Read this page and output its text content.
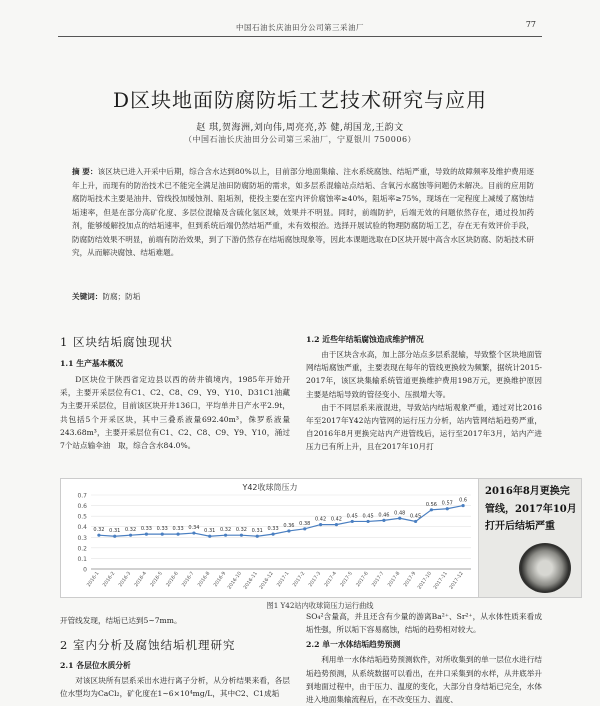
中国石油长庆油田分公司第三采油厂	77
D区块地面防腐防垢工艺技术研究与应用
赵 琪,贺海洲,刘向伟,周亮亮,苏 健,胡国龙,王韵文
（中国石油长庆油田分公司第三采油厂，宁夏银川 750006）
摘 要：该区块已进入开采中后期，综合含水达到80%以上，目前部分地面集输、注水系统腐蚀、结垢严重，导致的故障频率及维护费用逐年上升，而现有的防治技术已不能完全满足油田防腐防垢的需求，如多层系混输站点结垢、含氧污水腐蚀等问题仍未解决。目前的应用防腐防垢技术主要是油井、管线投加缓蚀剂、阻垢剂，使投主要在室内评价腐蚀率≥40%，阻垢率≥75%，现场在一定程度上减缓了腐蚀结垢速率，但是在部分高矿化度、多层位混输及含硫化氢区域，效果并不明显。同时，前端防护，后端无效的问题依然存在，通过投加药剂，能够缓解投加点的结垢速率，但到系统后端仍然结垢严重，未有效根治。选择开展试验的物理防腐防垢工艺，存在无有效评价手段，防腐防结效果不明显，前端有防治效果，到了下游仍然存在结垢腐蚀现象等，因此本课题选取在D区块开展中高含水区块防腐、防垢技术研究，从而解决腐蚀、结垢难题。
关键词：防腐；防垢
1 区块结垢腐蚀现状
1.1 生产基本概况
D区块位于陕西省定边县以西的砖井镇境内，1985年开始开采，主要开采层位有C1、C2、C8、C9、Y9、Y10、D31C1油藏为主要开采层位，目前该区块开井136口，平均单井日产水平2.9t，共包括5个开采区块，其中三叠系液量692.40m³，侏罗系液量243.68m³，主要开采层位有C1、C2、C8、C9、Y9、Y10，涌过7个站点输伞油　取，综合含水84.0%。
1.2 近些年结垢腐蚀造成维护情况
由于区块含水高，加上部分站点多层系混输，导致整个区块地面管网结垢腐蚀严重，主要表现在每年的管线更换较为频繁，据统计2015-2017年，该区块集输系统管道更换维护费用198万元，更换维护原因主要是结垢导致的管径变小、压损增大等。
由于不同层系来液混进，导致站内结垢观象严重，通过对比2016年至2017年Y42站内管网的运行压力分析，站内管网结垢趋势严重，自2016年8月更换完站内产进管线后，运行至2017年3月，站内产进压力已有所上升，且在2017年10月打
Y42收球筒压力
0
0.1
0.2
0.3
0.4
0.5
0.6
0.7
0.32 0.31 0.32 0.33 0.33 0.33 0.34
0.31 0.32 0.32 0.31 0.33
0.36 0.38
0.42 0.42
0.45 0.45 0.46 0.48
0.45
0.56 0.57
0.6
2016-1 2016-2 2016-3 2016-4 2016-5 2016-6 2016-7 2016-8 2016-9 2016-10 2016-11 2016-12 2017-1 2017-2 2017-3 2017-4 2017-5 2017-6 2017-7 2017-8 2017-9 2017-10 2017-11 2017-12
2016年8月更换完管线，2017年10月打开后结垢严重
图1 Y42站内收球筒压力运行曲线
开管线发现，结垢已达到5~7mm。
2 室内分析及腐蚀结垢机理研究
2.1 各层位水质分析
对该区块所有层系采出水进行离子分析，从分析结果来看，各层位水型均为CaCl₂，矿化度在1~6×10⁴mg/L，其中C2、C1成垢
SO₄²含量高，并且还含有少量的游离Ba²⁺、Sr²⁺，从水体性质来看成垢性强，所以垢下容易腐蚀，结垢的趋势相对较大。
2.2 单一水体结垢趋势预测
利用单一水体结垢趋势预测软件，对所收集到的单一层位水进行结垢趋势预测，从系统数据可以看出，在井口采集到的水样，从井底举升到地面过程中，由于压力、温度的变化，大部分自身结垢已完全，水体进入地面集输流程后，在不改变压力、温度、
